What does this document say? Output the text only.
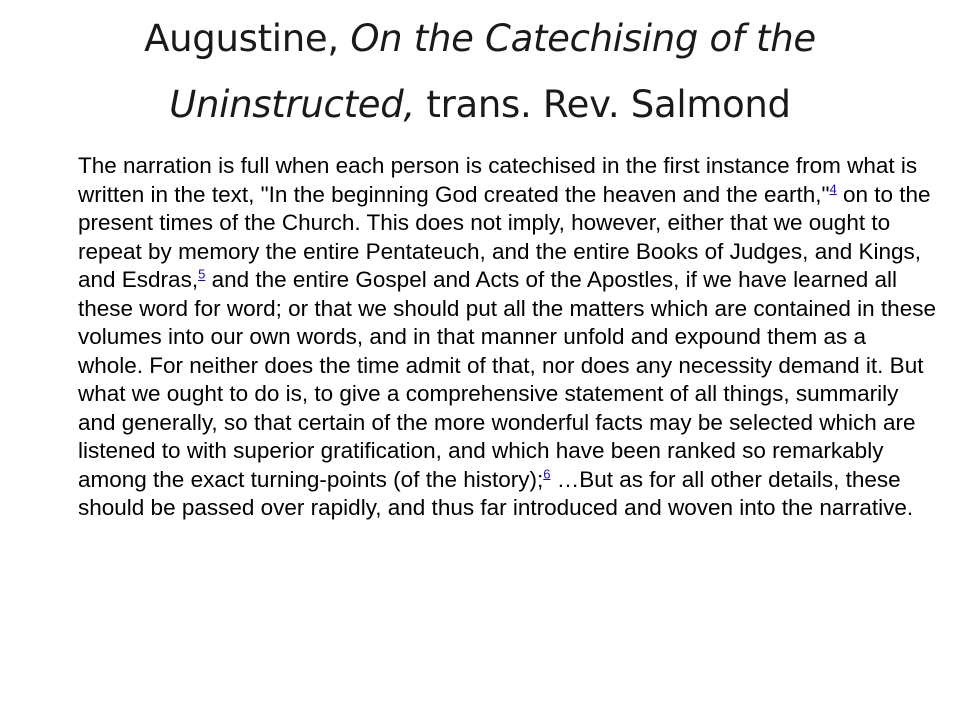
Augustine, On the Catechising of the Uninstructed, trans. Rev. Salmond
The narration is full when each person is catechised in the first instance from what is written in the text, "In the beginning God created the heaven and the earth,"$^4$ on to the present times of the Church. This does not imply, however, either that we ought to repeat by memory the entire Pentateuch, and the entire Books of Judges, and Kings, and Esdras,$^5$ and the entire Gospel and Acts of the Apostles, if we have learned all these word for word; or that we should put all the matters which are contained in these volumes into our own words, and in that manner unfold and expound them as a whole. For neither does the time admit of that, nor does any necessity demand it. But what we ought to do is, to give a comprehensive statement of all things, summarily and generally, so that certain of the more wonderful facts may be selected which are listened to with superior gratification, and which have been ranked so remarkably among the exact turning-points (of the history);$^6$ …But as for all other details, these should be passed over rapidly, and thus far introduced and woven into the narrative.
